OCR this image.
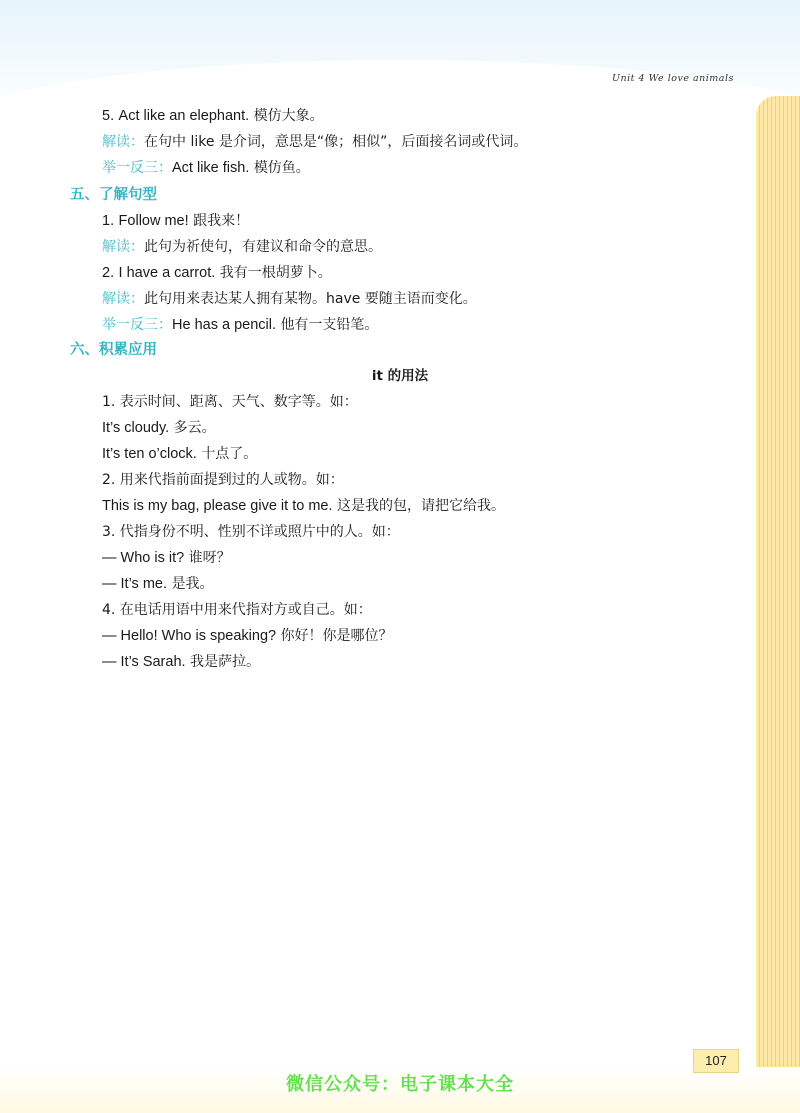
Unit 4 We love animals
5. Act like an elephant. 模仿大象。
解读：在句中 like 是介词，意思是“像；相似”，后面接名词或代词。
举一反三：Act like fish. 模仿鱼。
五、了解句型
1. Follow me! 跟我来！
解读：此句为祈使句，有建议和命令的意思。
2. I have a carrot. 我有一根胡萝卜。
解读：此句用来表达某人拥有某物。have 要随主语而变化。
举一反三：He has a pencil. 他有一支铅笔。
六、积累应用
it 的用法
1. 表示时间、距离、天气、数字等。如：
It’s cloudy. 多云。
It’s ten o’clock. 十点了。
2. 用来代指前面提到过的人或物。如：
This is my bag, please give it to me. 这是我的包，请把它给我。
3. 代指身份不明、性别不详或照片中的人。如：
— Who is it? 谁呀？
— It’s me. 是我。
4. 在电话用语中用来代指对方或自己。如：
— Hello! Who is speaking? 你好！你是哪位？
— It’s Sarah. 我是萨拉。
107
微信公众号：电子课本大全
